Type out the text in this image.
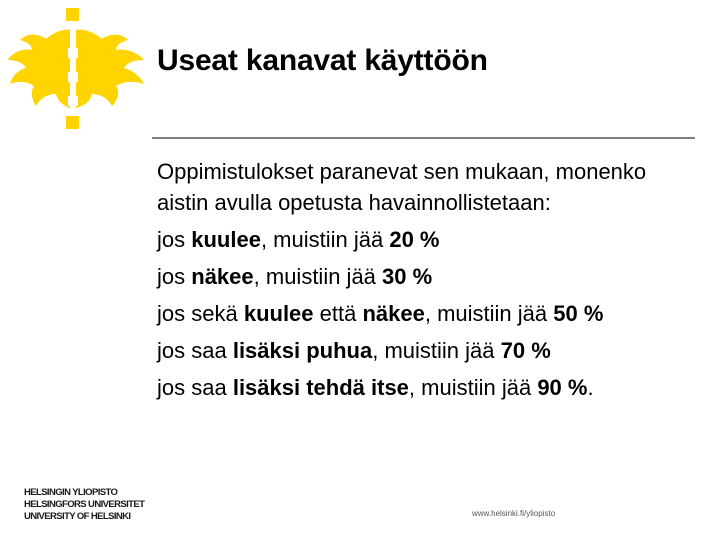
Useat kanavat käyttöön
Oppimistulokset paranevat sen mukaan, monenko
aistin avulla opetusta havainnollistetaan:
jos kuulee, muistiin jää 20 %
jos näkee, muistiin jää 30 %
jos sekä kuulee että näkee, muistiin jää 50 %
jos saa lisäksi puhua, muistiin jää 70 %
jos saa lisäksi tehdä itse, muistiin jää 90 %.
HELSINGIN YLIOPISTO
HELSINGFORS UNIVERSITET
UNIVERSITY OF HELSINKI	www.helsinki.fi/yliopisto
